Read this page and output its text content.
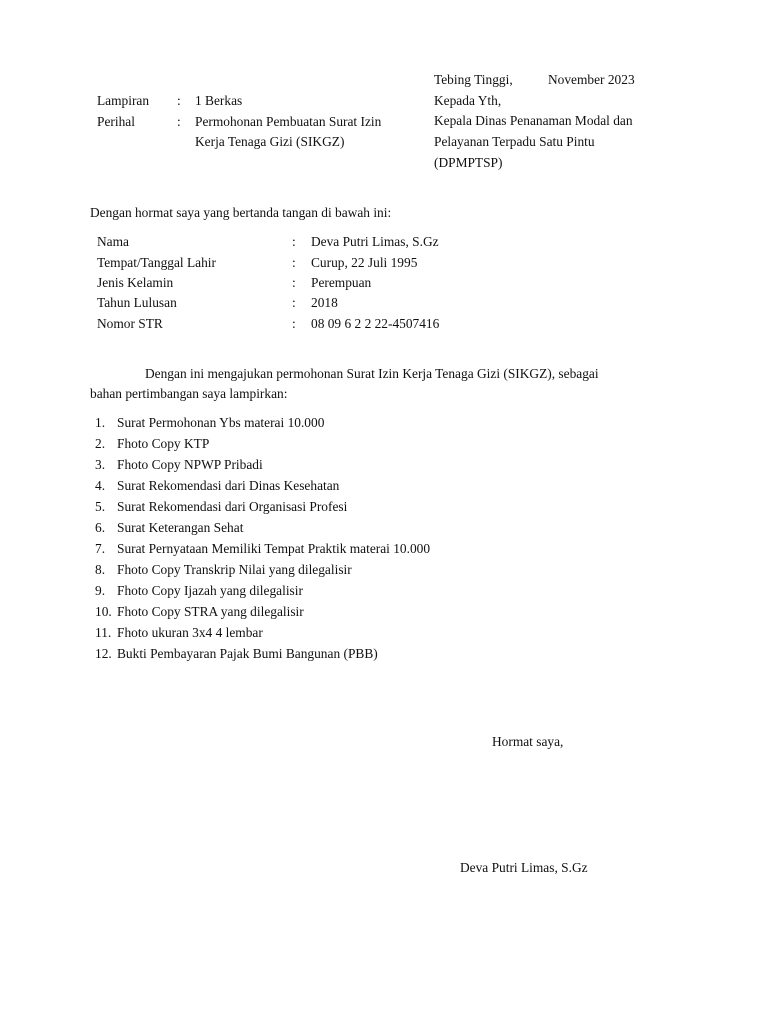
Tebing Tinggi,	November 2023
Kepada Yth,
Kepala Dinas Penanaman Modal dan
Pelayanan Terpadu Satu Pintu
(DPMPTSP)
Lampiran : 1 Berkas
Perihal	: Permohonan Pembuatan Surat Izin
Kerja Tenaga Gizi (SIKGZ)
Dengan hormat saya yang bertanda tangan di bawah ini:
Nama	: Deva Putri Limas, S.Gz
Tempat/Tanggal Lahir	: Curup, 22 Juli 1995
Jenis Kelamin	: Perempuan
Tahun Lulusan	: 2018
Nomor STR	: 08 09 6 2 2 22-4507416
Dengan ini mengajukan permohonan Surat Izin Kerja Tenaga Gizi (SIKGZ), sebagai
bahan pertimbangan saya lampirkan:
1. Surat Permohonan Ybs materai 10.000
2. Fhoto Copy KTP
3. Fhoto Copy NPWP Pribadi
4. Surat Rekomendasi dari Dinas Kesehatan
5. Surat Rekomendasi dari Organisasi Profesi
6. Surat Keterangan Sehat
7. Surat Pernyataan Memiliki Tempat Praktik materai 10.000
8. Fhoto Copy Transkrip Nilai yang dilegalisir
9. Fhoto Copy Ijazah yang dilegalisir
10. Fhoto Copy STRA yang dilegalisir
11. Fhoto ukuran 3x4 4 lembar
12. Bukti Pembayaran Pajak Bumi Bangunan (PBB)
Hormat saya,
Deva Putri Limas, S.Gz
